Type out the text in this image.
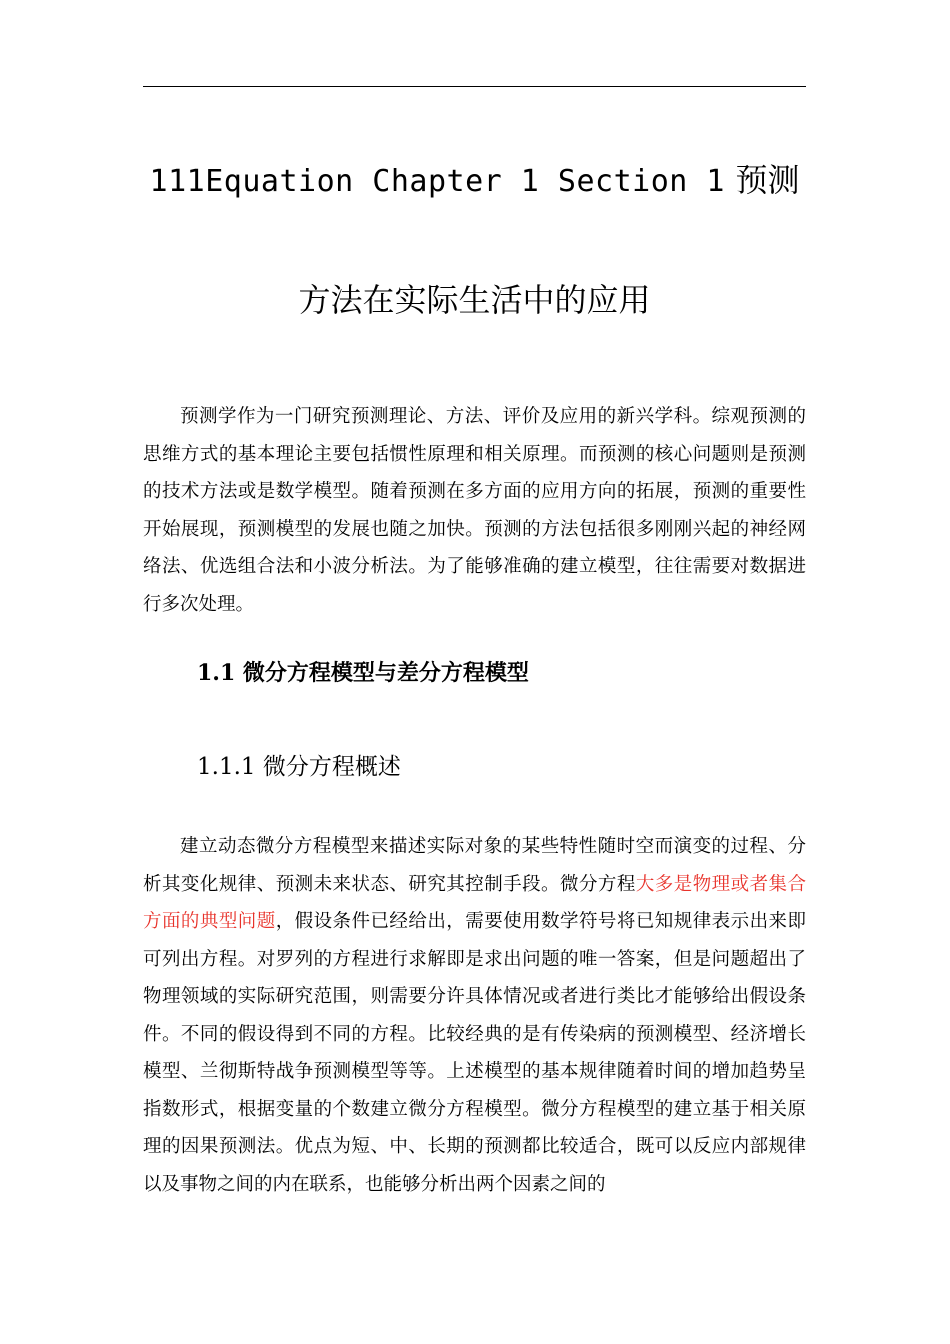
111Equation Chapter 1 Section 1 预测
方法在实际生活中的应用

预测学作为一门研究预测理论、方法、评价及应用的新兴学科。综观预测的思维方式的基本理论主要包括惯性原理和相关原理。而预测的核心问题则是预测的技术方法或是数学模型。随着预测在多方面的应用方向的拓展，预测的重要性开始展现，预测模型的发展也随之加快。预测的方法包括很多刚刚兴起的神经网络法、优选组合法和小波分析法。为了能够准确的建立模型，往往需要对数据进行多次处理。

1.1 微分方程模型与差分方程模型
1.1.1 微分方程概述

建立动态微分方程模型来描述实际对象的某些特性随时空而演变的过程、分析其变化规律、预测未来状态、研究其控制手段。微分方程大多是物理或者集合方面的典型问题，假设条件已经给出，需要使用数学符号将已知规律表示出来即可列出方程。对罗列的方程进行求解即是求出问题的唯一答案，但是问题超出了物理领域的实际研究范围，则需要分许具体情况或者进行类比才能够给出假设条件。不同的假设得到不同的方程。比较经典的是有传染病的预测模型、经济增长模型、兰彻斯特战争预测模型等等。上述模型的基本规律随着时间的增加趋势呈指数形式，根据变量的个数建立微分方程模型。微分方程模型的建立基于相关原理的因果预测法。优点为短、中、长期的预测都比较适合，既可以反应内部规律以及事物之间的内在联系，也能够分析出两个因素之间的
